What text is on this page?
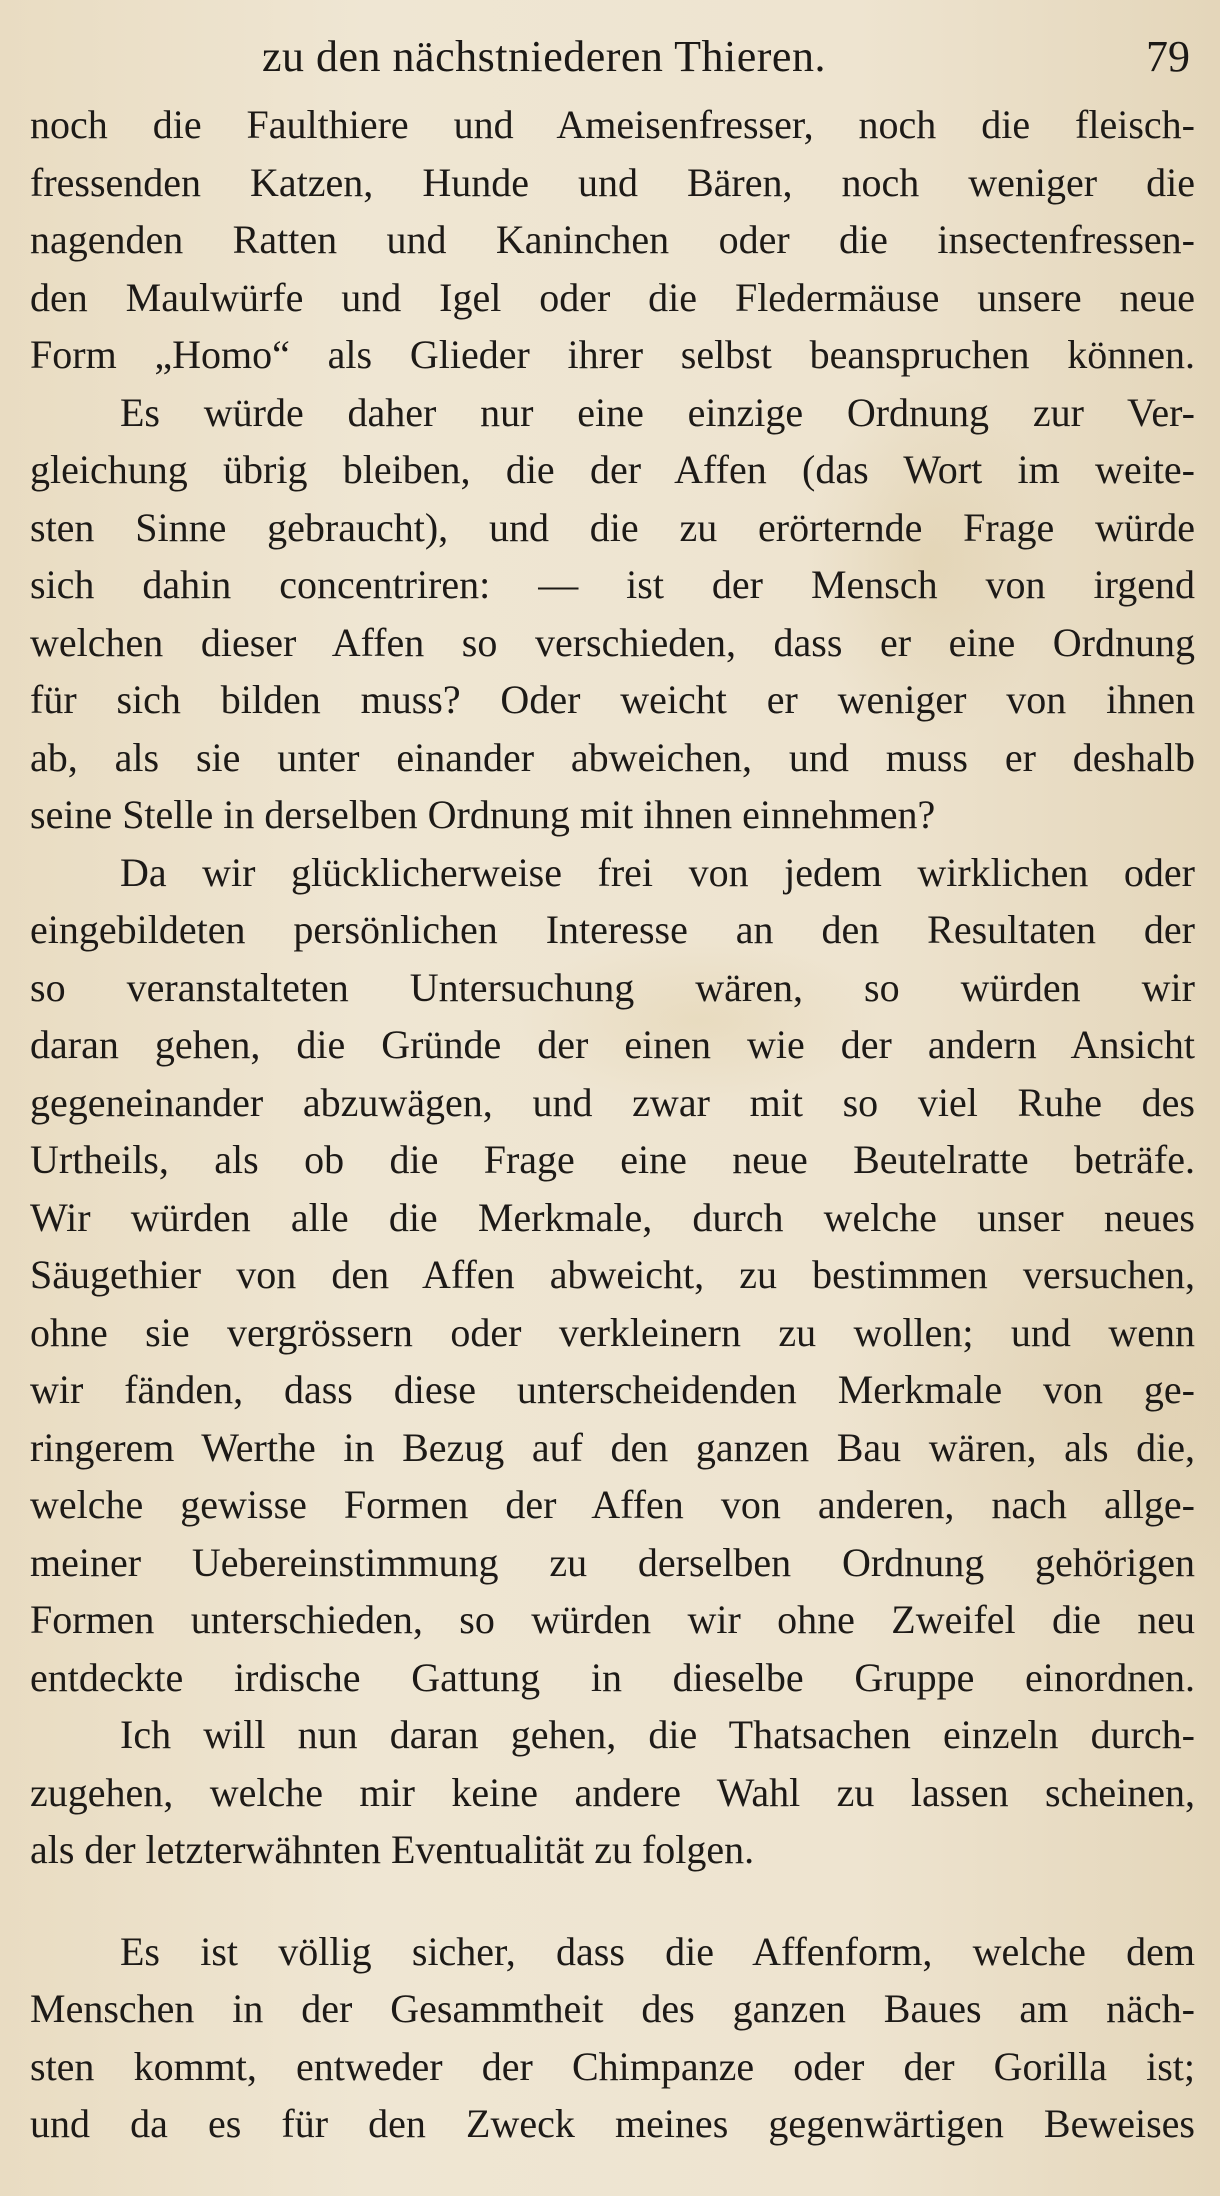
zu den nächstniederen Thieren.	79
noch die Faulthiere und Ameisenfresser, noch die fleisch-
fressenden Katzen, Hunde und Bären, noch weniger die
nagenden Ratten und Kaninchen oder die insectenfressen-
den Maulwürfe und Igel oder die Fledermäuse unsere neue
Form „Homo“ als Glieder ihrer selbst beanspruchen können.
Es würde daher nur eine einzige Ordnung zur Ver-
gleichung übrig bleiben, die der Affen (das Wort im weite-
sten Sinne gebraucht), und die zu erörternde Frage würde
sich dahin concentriren: — ist der Mensch von irgend
welchen dieser Affen so verschieden, dass er eine Ordnung
für sich bilden muss? Oder weicht er weniger von ihnen
ab, als sie unter einander abweichen, und muss er deshalb
seine Stelle in derselben Ordnung mit ihnen einnehmen?
Da wir glücklicherweise frei von jedem wirklichen oder
eingebildeten persönlichen Interesse an den Resultaten der
so veranstalteten Untersuchung wären, so würden wir
daran gehen, die Gründe der einen wie der andern Ansicht
gegeneinander abzuwägen, und zwar mit so viel Ruhe des
Urtheils, als ob die Frage eine neue Beutelratte beträfe.
Wir würden alle die Merkmale, durch welche unser neues
Säugethier von den Affen abweicht, zu bestimmen versuchen,
ohne sie vergrössern oder verkleinern zu wollen; und wenn
wir fänden, dass diese unterscheidenden Merkmale von ge-
ringerem Werthe in Bezug auf den ganzen Bau wären, als die,
welche gewisse Formen der Affen von anderen, nach allge-
meiner Uebereinstimmung zu derselben Ordnung gehörigen
Formen unterschieden, so würden wir ohne Zweifel die neu
entdeckte irdische Gattung in dieselbe Gruppe einordnen.
Ich will nun daran gehen, die Thatsachen einzeln durch-
zugehen, welche mir keine andere Wahl zu lassen scheinen,
als der letzterwähnten Eventualität zu folgen.
Es ist völlig sicher, dass die Affenform, welche dem
Menschen in der Gesammtheit des ganzen Baues am näch-
sten kommt, entweder der Chimpanze oder der Gorilla ist;
und da es für den Zweck meines gegenwärtigen Beweises
